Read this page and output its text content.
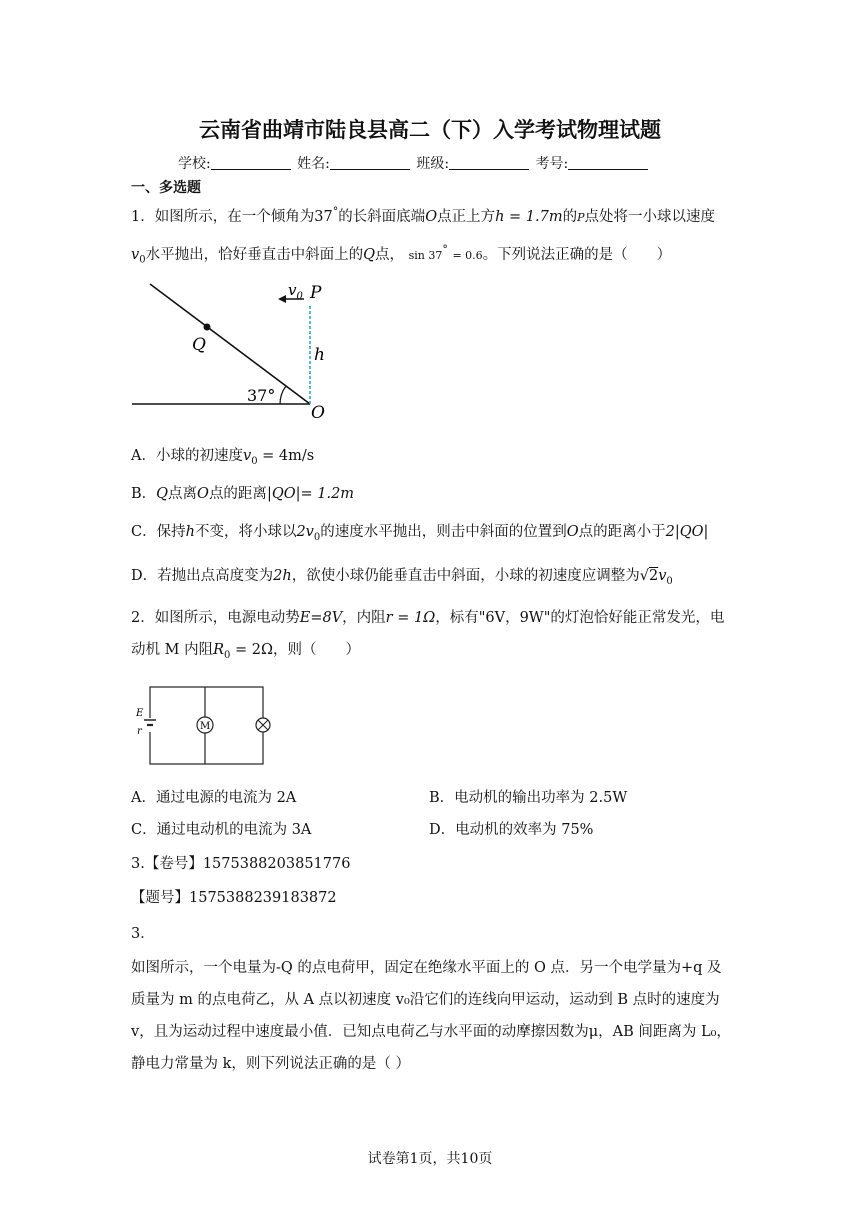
云南省曲靖市陆良县高二（下）入学考试物理试题
学校:	姓名:	班级:	考号:
一、多选题
1．如图所示，在一个倾角为37°的长斜面底端O点正上方h = 1.7m的P点处将一小球以速度
$v_0$水平抛出，恰好垂直击中斜面上的Q点， sin 37° = 0.6。下列说法正确的是（　　）
$v_0$ P
Q	h
37°
O
A．小球的初速度$v_0 = 4m/s$
B．Q点离O点的距离|QO|= 1.2m
C．保持h不变，将小球以$2v_0$的速度水平抛出，则击中斜面的位置到O点的距离小于2|QO|
D．若抛出点高度变为2h，欲使小球仍能垂直击中斜面，小球的初速度应调整为$√2v_0$
2．如图所示，电源电动势E=8V，内阻r = 1Ω，标有"6V，9W"的灯泡恰好能正常发光，电
动机 M 内阻$R_0 = 2\Omega$，则（　　）
E
r	M
A．通过电源的电流为 2A	B．电动机的输出功率为 2.5W
C．通过电动机的电流为 3A	D．电动机的效率为 75%
3.【卷号】1575388203851776
【题号】1575388239183872
3．
如图所示，一个电量为-Q 的点电荷甲，固定在绝缘水平面上的 O 点．另一个电学量为+q 及质量为 m 的点电荷乙，从 A 点以初速度 v₀沿它们的连线向甲运动，运动到 B 点时的速度为 v，且为运动过程中速度最小值．已知点电荷乙与水平面的动摩擦因数为μ，AB 间距离为 L₀，静电力常量为 k，则下列说法正确的是（ ）
试卷第1页，共10页
